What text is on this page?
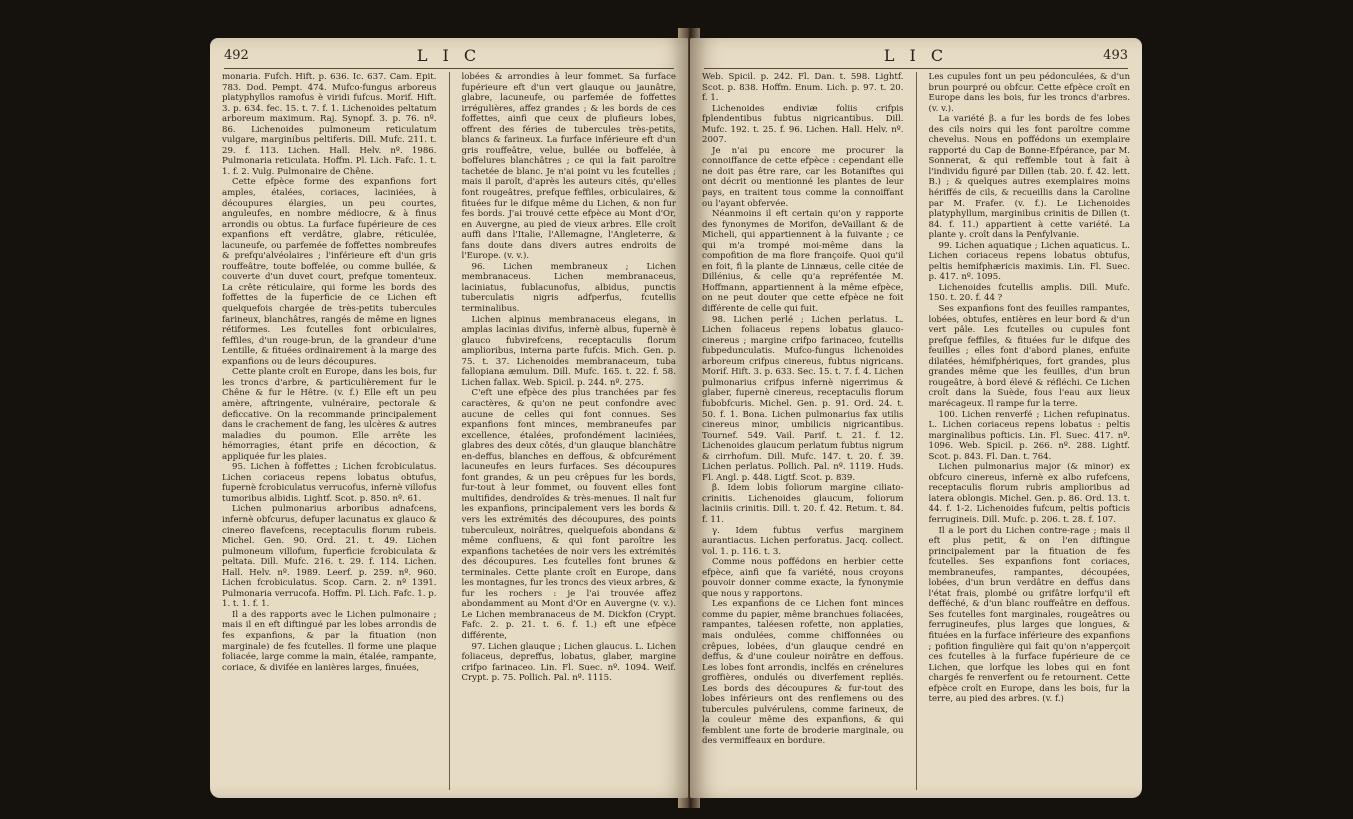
492	L I C

monaria. Fufch. Hift. p. 636. Ic. 637. Cam. Epit. 783. Dod. Pempt. 474. Mufco-fungus arboreus platyphyllos ramofus è viridi fufcus. Morif. Hift. 3. p. 634. fec. 15. t. 7. f. 1. Lichenoides peltatum arboreum maximum. Raj. Synopf. 3. p. 76. nº. 86. Lichenoides pulmoneum reticulatum vulgare, marginibus peltiferis. Dill. Mufc. 211. t. 29. f. 113. Lichen. Hall. Helv. nº. 1986. Pulmonaria reticulata. Hoffm. Pl. Lich. Fafc. 1. t. 1. f. 2. Vulg. Pulmonaire de Chêne.

Cette efpèce forme des expanfions fort amples, étalées, coriaces, laciniées, à découpures élargies, un peu courtes, anguleufes, en nombre médiocre, & à finus arrondis ou obtus. La furface fupérieure de ces expanfions eft verdâtre, glabre, réticulée, lacuneufe, ou parfemée de foffettes nombreufes & prefqu'alvéolaires ; l'inférieure eft d'un gris rouffeâtre, toute boffelée, ou comme bullée, & couverte d'un duvet court, prefque tomenteux. La crête réticulaire, qui forme les bords des foffettes de la fuperficie de ce Lichen eft quelquefois chargée de très-petits tubercules farineux, blanchâtres, rangés de même en lignes rétiformes. Les fcutelles font orbiculaires, feffiles, d'un rouge-brun, de la grandeur d'une Lentille, & fituées ordinairement à la marge des expanfions ou de leurs découpures.

Cette plante croît en Europe, dans les bois, fur les troncs d'arbre, & particulièrement fur le Chêne & fur le Hêtre. (v. f.) Elle eft un peu amère, aftringente, vulnéraire, pectorale & deficcative. On la recommande principalement dans le crachement de fang, les ulcères & autres maladies du poumon. Elle arrête les hémorragies, étant prife en décoction, & appliquée fur les plaies.

95. Lichen à foffettes ; Lichen fcrobiculatus. Lichen coriaceus repens lobatus obtufus, fupernè fcrobiculatus verrucofus, infernè villofus tumoribus albidis. Lightf. Scot. p. 850. nº. 61.

Lichen pulmonarius arboribus adnafcens, infernè obfcurus, defuper lacunatus ex glauco & cinereo flavefcens, receptaculis florum rubeis. Michel. Gen. 90. Ord. 21. t. 49. Lichen pulmoneum villofum, fuperficie fcrobiculata & peltata. Dill. Mufc. 216. t. 29. f. 114. Lichen. Hall. Helv. nº. 1989. Leerf. p. 259. nº. 960. Lichen fcrobiculatus. Scop. Carn. 2. nº 1391. Pulmonaria verrucofa. Hoffm. Pl. Lich. Fafc. 1. p. 1. t. 1. f. 1.

Il a des rapports avec le Lichen pulmonaire ; mais il en eft diftingué par les lobes arrondis de fes expanfions, & par la fituation (non marginale) de fes fcutelles. Il forme une plaque foliacée, large comme la main, étalée, rampante, coriace, & divifée en lanières larges, finuées,

lobées & arrondies à leur fommet. Sa furface fupérieure eft d'un vert glauque ou jaunâtre, glabre, lacuneufe, ou parfemée de foffettes irrégulières, affez grandes ; & les bords de ces foffettes, ainfi que ceux de plufieurs lobes, offrent des féries de tubercules très-petits, blancs & farineux. La furface inférieure eft d'un gris rouffeâtre, velue, bullée ou boffelée, à boffelures blanchâtres ; ce qui la fait paroître tachetée de blanc. Je n'ai point vu les fcutelles ; mais il paroît, d'après les auteurs cités, qu'elles font rougeâtres, prefque feffiles, orbiculaires, & fituées fur le difque même du Lichen, & non fur fes bords. J'ai trouvé cette efpèce au Mont d'Or, en Auvergne, au pied de vieux arbres. Elle croît auffi dans l'Italie, l'Allemagne, l'Angleterre, & fans doute dans divers autres endroits de l'Europe. (v. v.).

96. Lichen membraneux ; Lichen membranaceus. Lichen membranaceus, laciniatus, fublacunofus, albidus, punctis tuberculatis nigris adfperfus, fcutellis terminalibus.

Lichen alpinus membranaceus elegans, in amplas lacinias divifus, infernè albus, fupernè è glauco fubvirefcens, receptaculis florum amplioribus, interna parte fufcis. Mich. Gen. p. 75. t. 37. Lichenoides membranaceum, tuba fallopiana æmulum. Dill. Mufc. 165. t. 22. f. 58. Lichen fallax. Web. Spicil. p. 244. nº. 275.

C'eft une efpèce des plus tranchées par fes caractères, & qu'on ne peut confondre avec aucune de celles qui font connues. Ses expanfions font minces, membraneufes par excellence, étalées, profondément laciniées, glabres des deux côtés, d'un glauque blanchâtre en-deffus, blanches en deffous, & obfcurément lacuneufes en leurs furfaces. Ses découpures font grandes, & un peu crêpues fur les bords, fur-tout à leur fommet, ou fouvent elles font multifides, dendroïdes & très-menues. Il naît fur les expanfions, principalement vers les bords & vers les extrémités des découpures, des points tuberculeux, noirâtres, quelquefois abondans & même confluens, & qui font paroître les expanfions tachetées de noir vers les extrémités des découpures. Les fcutelles font brunes & terminales. Cette plante croît en Europe, dans les montagnes, fur les troncs des vieux arbres, & fur les rochers : je l'ai trouvée affez abondamment au Mont d'Or en Auvergne (v. v.). Le Lichen membranaceus de M. Dickfon (Crypt. Fafc. 2. p. 21. t. 6. f. 1.) eft une efpèce différente,

97. Lichen glauque ; Lichen glaucus. L. Lichen foliaceus, depreffus, lobatus, glaber, margine crifpo farinaceo. Lin. Fl. Suec. nº. 1094. Weif. Crypt. p. 75. Pollich. Pal. nº. 1115.

L I C	493

Web. Spicil. p. 242. Fl. Dan. t. 598. Lightf. Scot. p. 838. Hoffm. Enum. Lich. p. 97. t. 20. f. 1.

Lichenoides endiviæ foliis crifpis fplendentibus fubtus nigricantibus. Dill. Mufc. 192. t. 25. f. 96. Lichen. Hall. Helv. nº. 2007.

Je n'ai pu encore me procurer la connoiffance de cette efpèce : cependant elle ne doit pas être rare, car les Botaniftes qui ont décrit ou mentionné les plantes de leur pays, en traitent tous comme la connoiffant ou l'ayant obfervée.

Néanmoins il eft certain qu'on y rapporte des fynonymes de Morifon, deVaillant & de Micheli, qui appartiennent à la fuivante ; ce qui m'a trompé moi-même dans la compofition de ma flore françoife. Quoi qu'il en foit, fi la plante de Linnæus, celle citée de Dillénius, & celle qu'a repréfentée M. Hoffmann, appartiennent à la même efpèce, on ne peut douter que cette efpèce ne foit différente de celle qui fuit.

98. Lichen perlé ; Lichen perlatus. L. Lichen foliaceus repens lobatus glauco-cinereus ; margine crifpo farinaceo, fcutellis fubpedunculatis. Mufco-fungus lichenoides arboreum crifpus cinereus, fubtus nigricans. Morif. Hift. 3. p. 633. Sec. 15. t. 7. f. 4. Lichen pulmonarius crifpus infernè nigerrimus & glaber, fupernè cinereus, receptaculis florum fubobfcuris. Michel. Gen. p. 91. Ord. 24. t. 50. f. 1. Bona. Lichen pulmonarius fax utilis cinereus minor, umbilicis nigricantibus. Tournef. 549. Vail. Parif. t. 21. f. 12. Lichenoides glaucum perlatum fubtus nigrum & cirrhofum. Dill. Mufc. 147. t. 20. f. 39. Lichen perlatus. Pollich. Pal. nº. 1119. Huds. Fl. Angl. p. 448. Ligtf. Scot. p. 839.

β. Idem lobis foliorum margine ciliato-crinitis. Lichenoides glaucum, foliorum laciniis crinitis. Dill. t. 20. f. 42. Retum. t. 84. f. 11.

γ. Idem fubtus verfus marginem aurantiacus. Lichen perforatus. Jacq. collect. vol. 1. p. 116. t. 3.

Comme nous poffédons en herbier cette efpèce, ainfi que fa variété, nous croyons pouvoir donner comme exacte, la fynonymie que nous y rapportons.

Les expanfions de ce Lichen font minces comme du papier, même branchues foliacées, rampantes, taléesen rofette, non applaties, mais ondulées, comme chiffonnées ou crêpues, lobées, d'un glauque cendré en deffus, & d'une couleur noirâtre en deffous. Les lobes font arrondis, inclfés en crénelures groffières, ondulés ou diverfement repliés. Les bords des découpures & fur-tout des lobes inférieurs ont des renflemens ou des tubercules pulvérulens, comme farineux, de la couleur même des expanfions, & qui femblent une forte de broderie marginale, ou des vermiffeaux en bordure.

Les cupules font un peu pédonculées, & d'un brun pourpré ou obfcur. Cette efpèce croît en Europe dans les bois, fur les troncs d'arbres. (v. v.).

La variété β. a fur les bords de fes lobes des cils noirs qui les font paroître comme chevelus. Nous en poffédons un exemplaire rapporté du Cap de Bonne-Efpérance, par M. Sonnerat, & qui reffemble tout à fait à l'individu figuré par Dillen (tab. 20. f. 42. lett. B.) ; & quelques autres exemplaires moins hériffés de cils, & recueillis dans la Caroline par M. Frafer. (v. f.). Le Lichenoides platyphyllum, marginibus crinitis de Dillen (t. 84. f. 11.) appartient à cette variété. La plante γ. croît dans la Penfylvanie.

99. Lichen aquatique ; Lichen aquaticus. L. Lichen coriaceus repens lobatus obtufus, peltis hemifphæricis maximis. Lin. Fl. Suec. p. 417. nº. 1095.

Lichenoides fcutellis amplis. Dill. Mufc. 150. t. 20. f. 44 ?

Ses expanfions font des feuilles rampantes, lobées, obtufes, entières en leur bord & d'un vert pâle. Les fcutelles ou cupules font prefque feffiles, & fituées fur le difque des feuilles ; elles font d'abord planes, enfuite dilatées, hémifphériques, fort grandes, plus grandes même que les feuilles, d'un brun rougeâtre, à bord élevé & réfléchi. Ce Lichen croît dans la Suède, fous l'eau aux lieux marécageux. Il rampe fur la terre.

100. Lichen renverfé ; Lichen refupinatus. L. Lichen coriaceus repens lobatus : peltis marginalibus pofticis. Lin. Fl. Suec. 417. nº. 1096. Web. Spicil. p. 266. nº. 288. Lightf. Scot. p. 843. Fl. Dan. t. 764.

Lichen pulmonarius major (& minor) ex obfcuro cinereus, infernè ex albo rufefcens, receptaculis florum rubris amplioribus ad latera oblongis. Michel. Gen. p. 86. Ord. 13. t. 44. f. 1-2. Lichenoides fufcum, peltis pofticis ferrugineis. Dill. Mufc. p. 206. t. 28. f. 107.

Il a le port du Lichen contre-rage ; mais il eft plus petit, & on l'en diftingue principalement par la fituation de fes fcutelles. Ses expanfions font coriaces, membraneufes, rampantes, découpées, lobées, d'un brun verdâtre en deffus dans l'état frais, plombé ou grifâtre lorfqu'il eft defféché, & d'un blanc rouffeâtre en deffous. Ses fcutelles font marginales, rougeâtres ou ferrugineufes, plus larges que longues, & fituées en la furface inférieure des expanfions ; pofition fingulière qui fait qu'on n'apperçoit ces fcutelles à la furface fupérieure de ce Lichen, que lorfque les lobes qui en font chargés fe renverfent ou fe retournent. Cette efpèce croît en Europe, dans les bois, fur la terre, au pied des arbres. (v. f.)
